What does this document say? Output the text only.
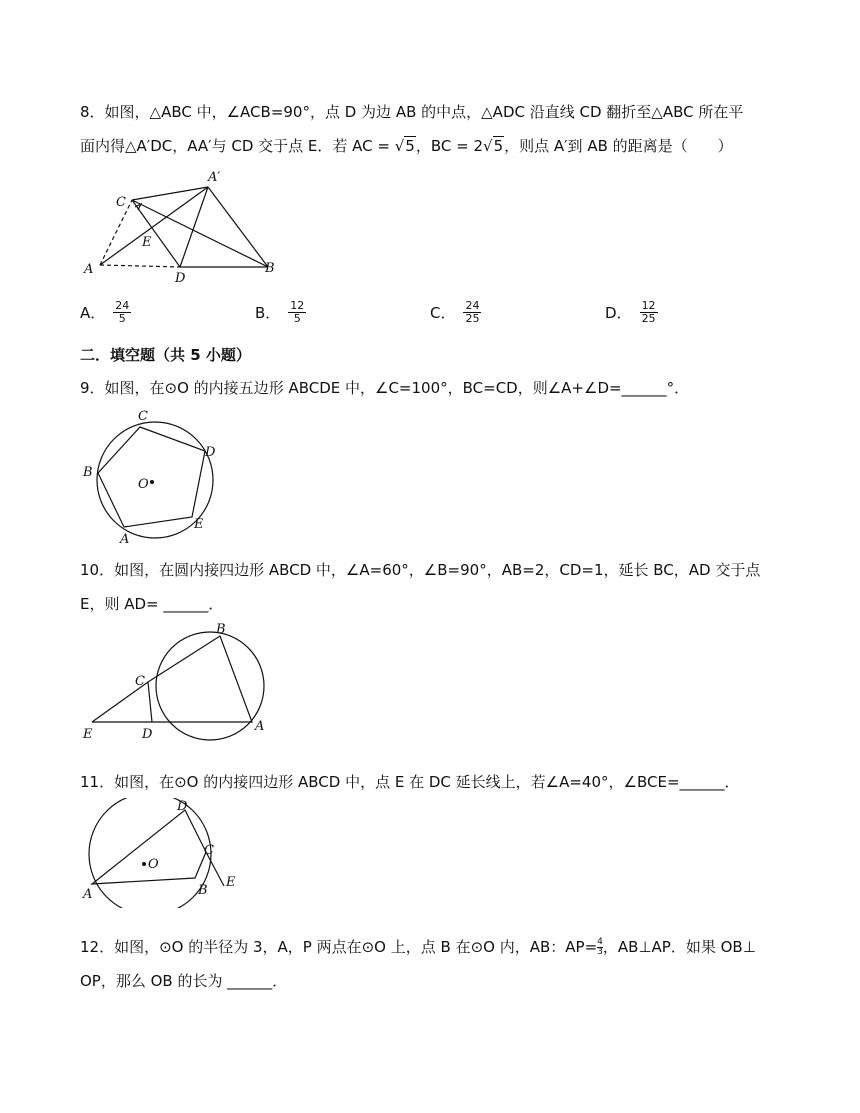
8．如图，△ABC 中，∠ACB=90°，点 D 为边 AB 的中点，△ADC 沿直线 CD 翻折至△ABC 所在平
面内得△A′DC，AA′与 CD 交于点 E．若 AC = √5，BC = 2√5，则点 A′到 AB 的距离是（　　）
C
A′
E
A
D
B
A． $\frac{24}{5}$	B． $\frac{12}{5}$	C． $\frac{24}{25}$	D． $\frac{12}{25}$
二．填空题（共 5 小题）
9．如图，在⊙O 的内接五边形 ABCDE 中，∠C=100°，BC=CD，则∠A+∠D=______°．
C
D
B
O
E
A
10．如图，在圆内接四边形 ABCD 中，∠A=60°，∠B=90°，AB=2，CD=1，延长 BC，AD 交于点
E，则 AD= ______．
B
C
E	D
A
11．如图，在⊙O 的内接四边形 ABCD 中，点 E 在 DC 延长线上，若∠A=40°，∠BCE=______．
D
C
O
A	B
E
12．如图，⊙O 的半径为 3，A，P 两点在⊙O 上，点 B 在⊙O 内，AB：$AP= \frac{4}{3}$ ，AB⊥AP．如果 OB⊥
OP，那么 OB 的长为 ______．
